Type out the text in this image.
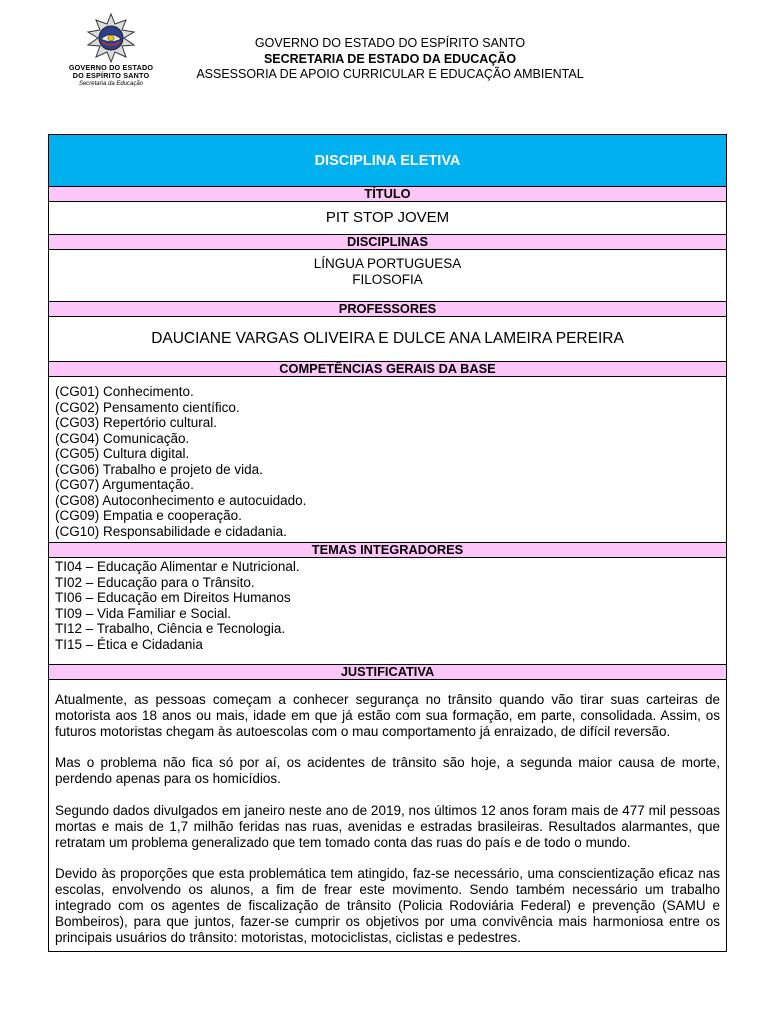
GOVERNO DO ESTADO
DO ESPÍRITO SANTO
Secretaria da Educação
GOVERNO DO ESTADO DO ESPÍRITO SANTO
SECRETARIA DE ESTADO DA EDUCAÇÃO
ASSESSORIA DE APOIO CURRICULAR E EDUCAÇÃO AMBIENTAL
DISCIPLINA ELETIVA
TÍTULO
PIT STOP JOVEM
DISCIPLINAS
LÍNGUA PORTUGUESA
FILOSOFIA
PROFESSORES
DAUCIANE VARGAS OLIVEIRA E DULCE ANA LAMEIRA PEREIRA
COMPETÊNCIAS GERAIS DA BASE
(CG01) Conhecimento.
(CG02) Pensamento científico.
(CG03) Repertório cultural.
(CG04) Comunicação.
(CG05) Cultura digital.
(CG06) Trabalho e projeto de vida.
(CG07) Argumentação.
(CG08) Autoconhecimento e autocuidado.
(CG09) Empatia e cooperação.
(CG10) Responsabilidade e cidadania.
TEMAS INTEGRADORES
TI04 – Educação Alimentar e Nutricional.
TI02 – Educação para o Trânsito.
TI06 – Educação em Direitos Humanos
TI09 – Vida Familiar e Social.
TI12 – Trabalho, Ciência e Tecnologia.
TI15 – Ética e Cidadania
JUSTIFICATIVA

Atualmente, as pessoas começam a conhecer segurança no trânsito quando vão tirar suas carteiras de motorista aos 18 anos ou mais, idade em que já estão com sua formação, em parte, consolidada. Assim, os futuros motoristas chegam às autoescolas com o mau comportamento já enraizado, de difícil reversão.

Mas o problema não fica só por aí, os acidentes de trânsito são hoje, a segunda maior causa de morte, perdendo apenas para os homicídios.

Segundo dados divulgados em janeiro neste ano de 2019, nos últimos 12 anos foram mais de 477 mil pessoas mortas e mais de 1,7 milhão feridas nas ruas, avenidas e estradas brasileiras. Resultados alarmantes, que retratam um problema generalizado que tem tomado conta das ruas do país e de todo o mundo.

Devido às proporções que esta problemática tem atingido, faz-se necessário, uma conscientização eficaz nas escolas, envolvendo os alunos, a fim de frear este movimento. Sendo também necessário um trabalho integrado com os agentes de fiscalização de trânsito (Policia Rodoviária Federal) e prevenção (SAMU e Bombeiros), para que juntos, fazer-se cumprir os objetivos por uma convivência mais harmoniosa entre os principais usuários do trânsito: motoristas, motociclistas, ciclistas e pedestres.
